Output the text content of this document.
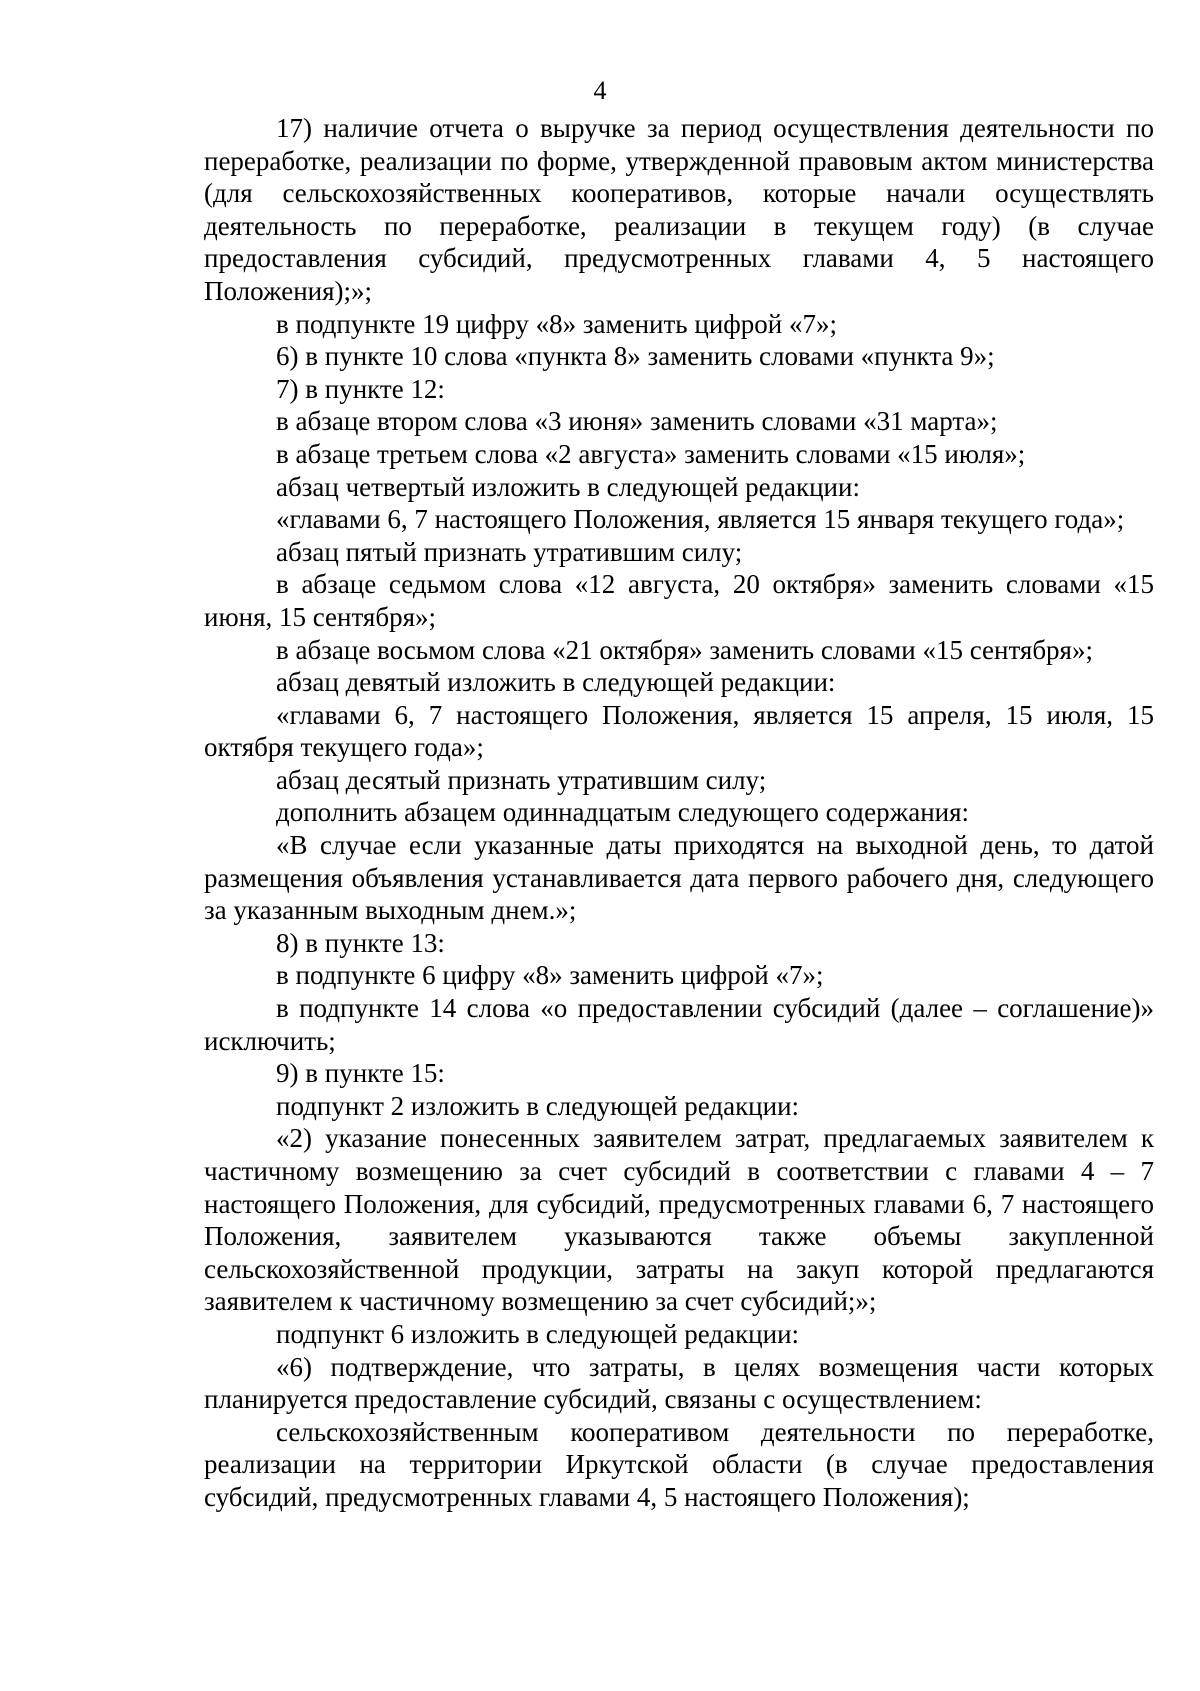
4

17) наличие отчета о выручке за период осуществления деятельности по переработке, реализации по форме, утвержденной правовым актом министерства (для сельскохозяйственных кооперативов, которые начали осуществлять деятельность по переработке, реализации в текущем году) (в случае предоставления субсидий, предусмотренных главами 4, 5 настоящего Положения);»;

в подпункте 19 цифру «8» заменить цифрой «7»;

6) в пункте 10 слова «пункта 8» заменить словами «пункта 9»;

7) в пункте 12:

в абзаце втором слова «3 июня» заменить словами «31 марта»;

в абзаце третьем слова «2 августа» заменить словами «15 июля»;

абзац четвертый изложить в следующей редакции:

«главами 6, 7 настоящего Положения, является 15 января текущего года»;

абзац пятый признать утратившим силу;

в абзаце седьмом слова «12 августа, 20 октября» заменить словами «15 июня, 15 сентября»;

в абзаце восьмом слова «21 октября» заменить словами «15 сентября»;

абзац девятый изложить в следующей редакции:

«главами 6, 7 настоящего Положения, является 15 апреля, 15 июля, 15 октября текущего года»;

абзац десятый признать утратившим силу;

дополнить абзацем одиннадцатым следующего содержания:

«В случае если указанные даты приходятся на выходной день, то датой размещения объявления устанавливается дата первого рабочего дня, следующего за указанным выходным днем.»;

8) в пункте 13:

в подпункте 6 цифру «8» заменить цифрой «7»;

в подпункте 14 слова «о предоставлении субсидий (далее – соглашение)» исключить;

9) в пункте 15:

подпункт 2 изложить в следующей редакции:

«2) указание понесенных заявителем затрат, предлагаемых заявителем к частичному возмещению за счет субсидий в соответствии с главами 4 – 7 настоящего Положения, для субсидий, предусмотренных главами 6, 7 настоящего Положения, заявителем указываются также объемы закупленной сельскохозяйственной продукции, затраты на закуп которой предлагаются заявителем к частичному возмещению за счет субсидий;»;

подпункт 6 изложить в следующей редакции:

«6) подтверждение, что затраты, в целях возмещения части которых планируется предоставление субсидий, связаны с осуществлением:

сельскохозяйственным кооперативом деятельности по переработке, реализации на территории Иркутской области (в случае предоставления субсидий, предусмотренных главами 4, 5 настоящего Положения);
